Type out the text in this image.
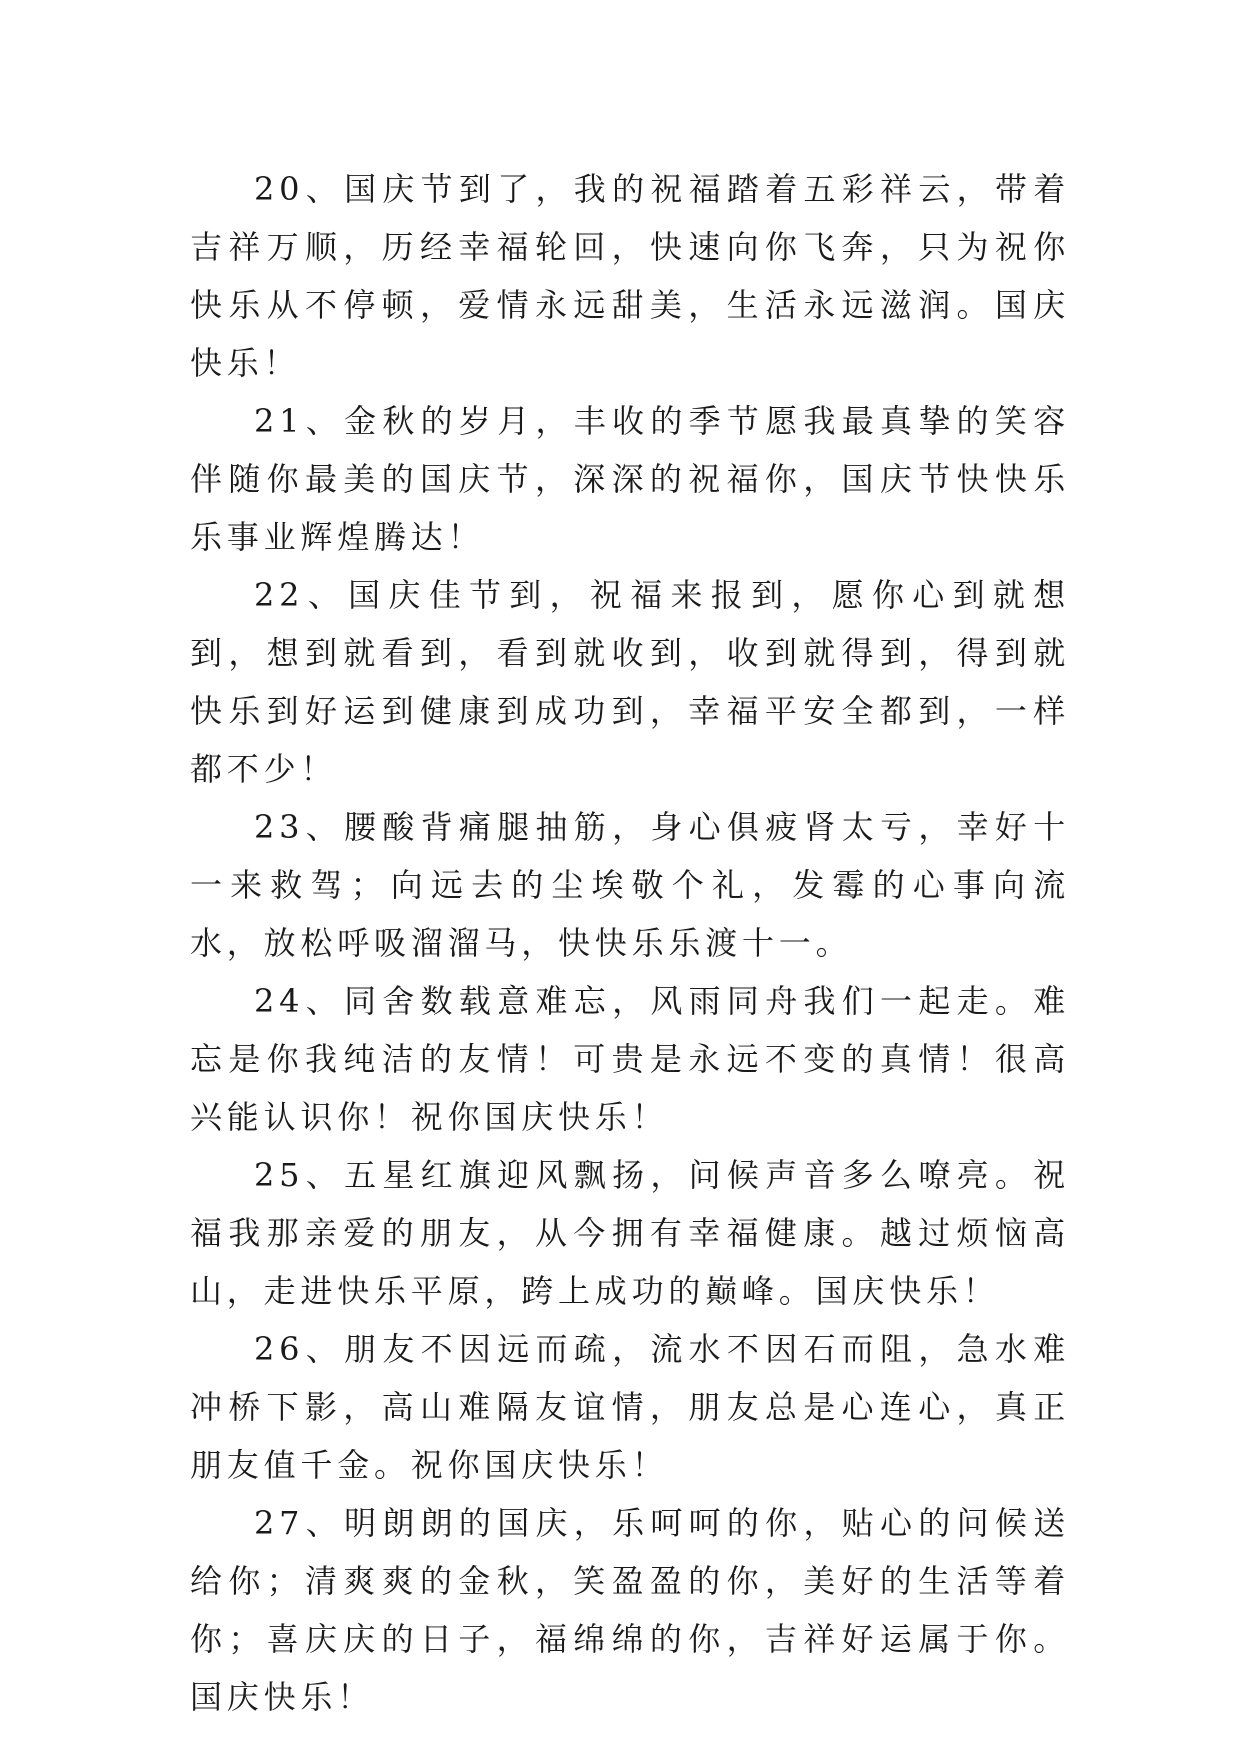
20、国庆节到了，我的祝福踏着五彩祥云，带着吉祥万顺，历经幸福轮回，快速向你飞奔，只为祝你快乐从不停顿，爱情永远甜美，生活永远滋润。国庆快乐！

21、金秋的岁月，丰收的季节愿我最真挚的笑容伴随你最美的国庆节，深深的祝福你，国庆节快快乐乐事业辉煌腾达！

22、国庆佳节到，祝福来报到，愿你心到就想到，想到就看到，看到就收到，收到就得到，得到就快乐到好运到健康到成功到，幸福平安全都到，一样都不少！

23、腰酸背痛腿抽筋，身心俱疲肾太亏，幸好十一来救驾；向远去的尘埃敬个礼，发霉的心事向流水，放松呼吸溜溜马，快快乐乐渡十一。

24、同舍数载意难忘，风雨同舟我们一起走。难忘是你我纯洁的友情！可贵是永远不变的真情！很高兴能认识你！祝你国庆快乐！

25、五星红旗迎风飘扬，问候声音多么嘹亮。祝福我那亲爱的朋友，从今拥有幸福健康。越过烦恼高山，走进快乐平原，跨上成功的巅峰。国庆快乐！

26、朋友不因远而疏，流水不因石而阻，急水难冲桥下影，高山难隔友谊情，朋友总是心连心，真正朋友值千金。祝你国庆快乐！

27、明朗朗的国庆，乐呵呵的你，贴心的问候送给你；清爽爽的金秋，笑盈盈的你，美好的生活等着你；喜庆庆的日子，福绵绵的你，吉祥好运属于你。国庆快乐！
